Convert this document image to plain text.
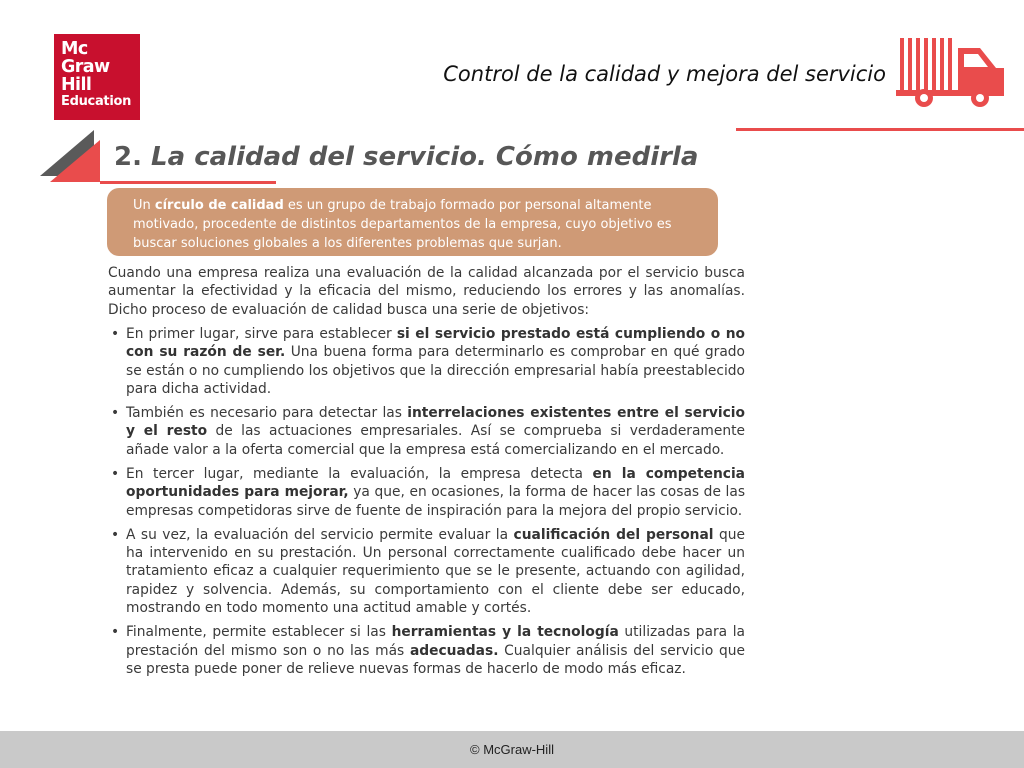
Mc
Graw
Hill
Education
Control de la calidad y mejora del servicio
2. La calidad del servicio. Cómo medirla
Un círculo de calidad es un grupo de trabajo formado por personal altamente motivado, procedente de distintos departamentos de la empresa, cuyo objetivo es buscar soluciones globales a los diferentes problemas que surjan.

Cuando una empresa realiza una evaluación de la calidad alcanzada por el servicio busca aumentar la efectividad y la eficacia del mismo, reduciendo los errores y las anomalías. Dicho proceso de evaluación de calidad busca una serie de objetivos:

• En primer lugar, sirve para establecer si el servicio prestado está cumpliendo o no con su razón de ser. Una buena forma para determinarlo es comprobar en qué grado se están o no cumpliendo los objetivos que la dirección empresarial había preestablecido para dicha actividad.
• También es necesario para detectar las interrelaciones existentes entre el servicio y el resto de las actuaciones empresariales. Así se comprueba si verdaderamente añade valor a la oferta comercial que la empresa está comercializando en el mercado.
• En tercer lugar, mediante la evaluación, la empresa detecta en la competencia oportunidades para mejorar, ya que, en ocasiones, la forma de hacer las cosas de las empresas competidoras sirve de fuente de inspiración para la mejora del propio servicio.
• A su vez, la evaluación del servicio permite evaluar la cualificación del personal que ha intervenido en su prestación. Un personal correctamente cualificado debe hacer un tratamiento eficaz a cualquier requerimiento que se le presente, actuando con agilidad, rapidez y solvencia. Además, su comportamiento con el cliente debe ser educado, mostrando en todo momento una actitud amable y cortés.
• Finalmente, permite establecer si las herramientas y la tecnología utilizadas para la prestación del mismo son o no las más adecuadas. Cualquier análisis del servicio que se presta puede poner de relieve nuevas formas de hacerlo de modo más eficaz.
© McGraw-Hill
